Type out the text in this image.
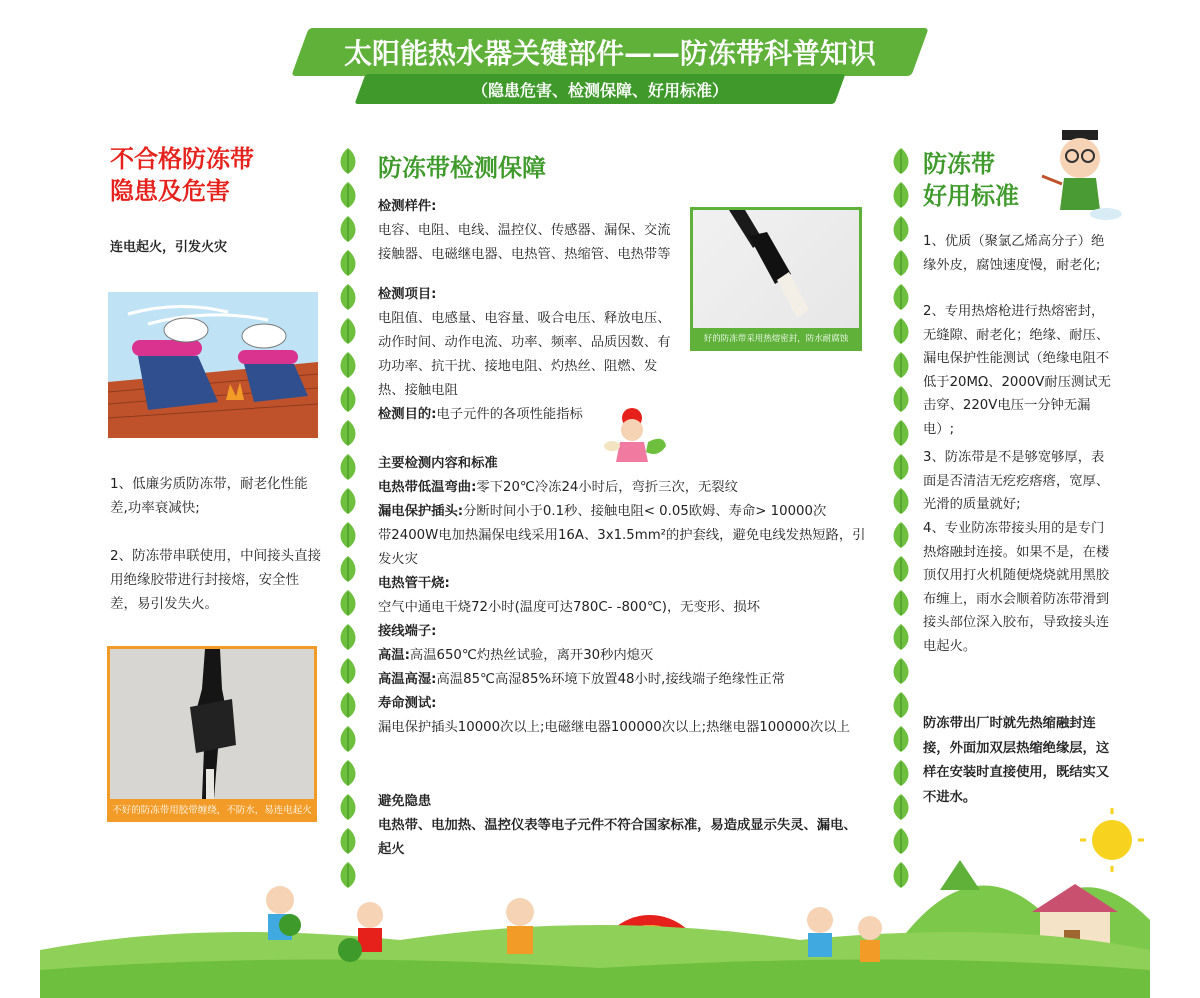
太阳能热水器关键部件——防冻带科普知识
（隐患危害、检测保障、好用标准）
不合格防冻带
隐患及危害
连电起火，引发火灾
1、低廉劣质防冻带，耐老化性能差,功率衰减快;
2、防冻带串联使用，中间接头直接用绝缘胶带进行封接熔，安全性差，易引发失火。
不好的防冻带用胶带缠绕，不防水，易连电起火
防冻带检测保障
检测样件:
电容、电阻、电线、温控仪、传感器、漏保、交流接触器、电磁继电器、电热管、热缩管、电热带等
检测项目:
电阻值、电感量、电容量、吸合电压、释放电压、动作时间、动作电流、功率、频率、品质因数、有功功率、抗干扰、接地电阻、灼热丝、阻燃、发热、接触电阻
检测目的:电子元件的各项性能指标
好的防冻带采用热熔密封，防水耐腐蚀
主要检测内容和标准
电热带低温弯曲:零下20℃冷冻24小时后，弯折三次，无裂纹
漏电保护插头:分断时间小于0.1秒、接触电阻< 0.05欧姆、寿命> 10000次
带2400W电加热漏保电线采用16A、3x1.5mm²的护套线，避免电线发热短路，引发火灾
电热管干烧:
空气中通电干烧72小时(温度可达780C- -800℃)，无变形、损坏
接线端子:
高温:高温650℃灼热丝试验，离开30秒内熄灭
高温高湿:高温85℃高湿85%环境下放置48小时,接线端子绝缘性正常
寿命测试:
漏电保护插头10000次以上;电磁继电器100000次以上;热继电器100000次以上
避免隐患
电热带、电加热、温控仪表等电子元件不符合国家标准，易造成显示失灵、漏电、起火
防冻带
好用标准
1、优质（聚氯乙烯高分子）绝缘外皮，腐蚀速度慢，耐老化;
2、专用热熔枪进行热熔密封，无缝隙、耐老化；绝缘、耐压、漏电保护性能测试（绝缘电阻不低于20MΩ、2000V耐压测试无击穿、220V电压一分钟无漏电）;
3、防冻带是不是够宽够厚，表面是否清洁无疙疙瘩瘩，宽厚、光滑的质量就好;
4、专业防冻带接头用的是专门热熔融封连接。如果不是，在楼顶仅用打火机随便烧烧就用黑胶布缠上，雨水会顺着防冻带滑到接头部位深入胶布，导致接头连电起火。
防冻带出厂时就先热缩融封连接，外面加双层热缩绝缘层，这样在安装时直接使用，既结实又不进水。
